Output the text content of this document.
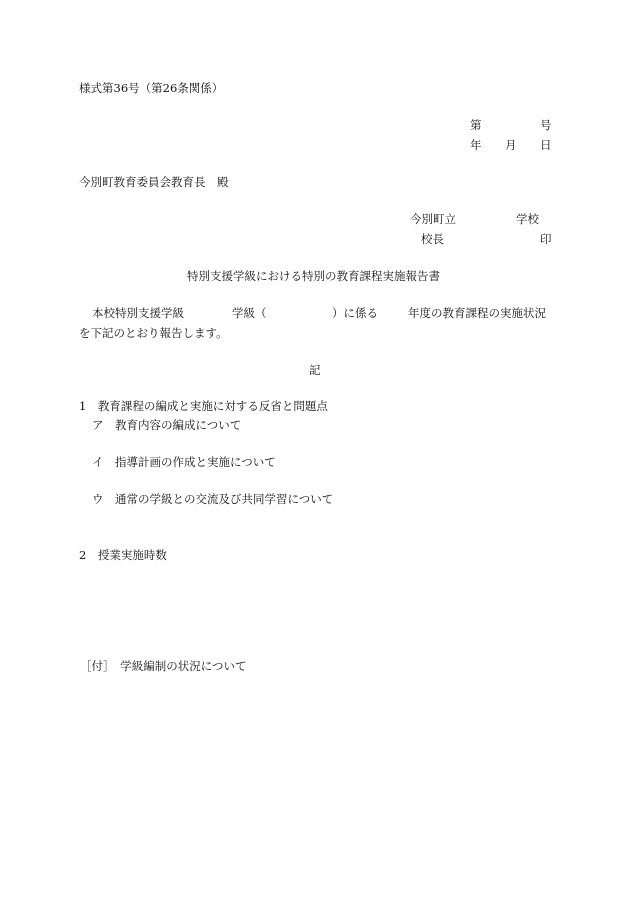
様式第36号（第26条関係）
第	号
年 月 日
今別町教育委員会教育長　殿
今別町立	学校
校長	印
特別支援学級における特別の教育課程実施報告書
本校特別支援学級	学級（	）に係る	年度の教育課程の実施状況
を下記のとおり報告します。
記
1　教育課程の編成と実施に対する反省と問題点
ア　教育内容の編成について
イ　指導計画の作成と実施について
ウ　通常の学級との交流及び共同学習について
2　授業実施時数
［付］　学級編制の状況について
